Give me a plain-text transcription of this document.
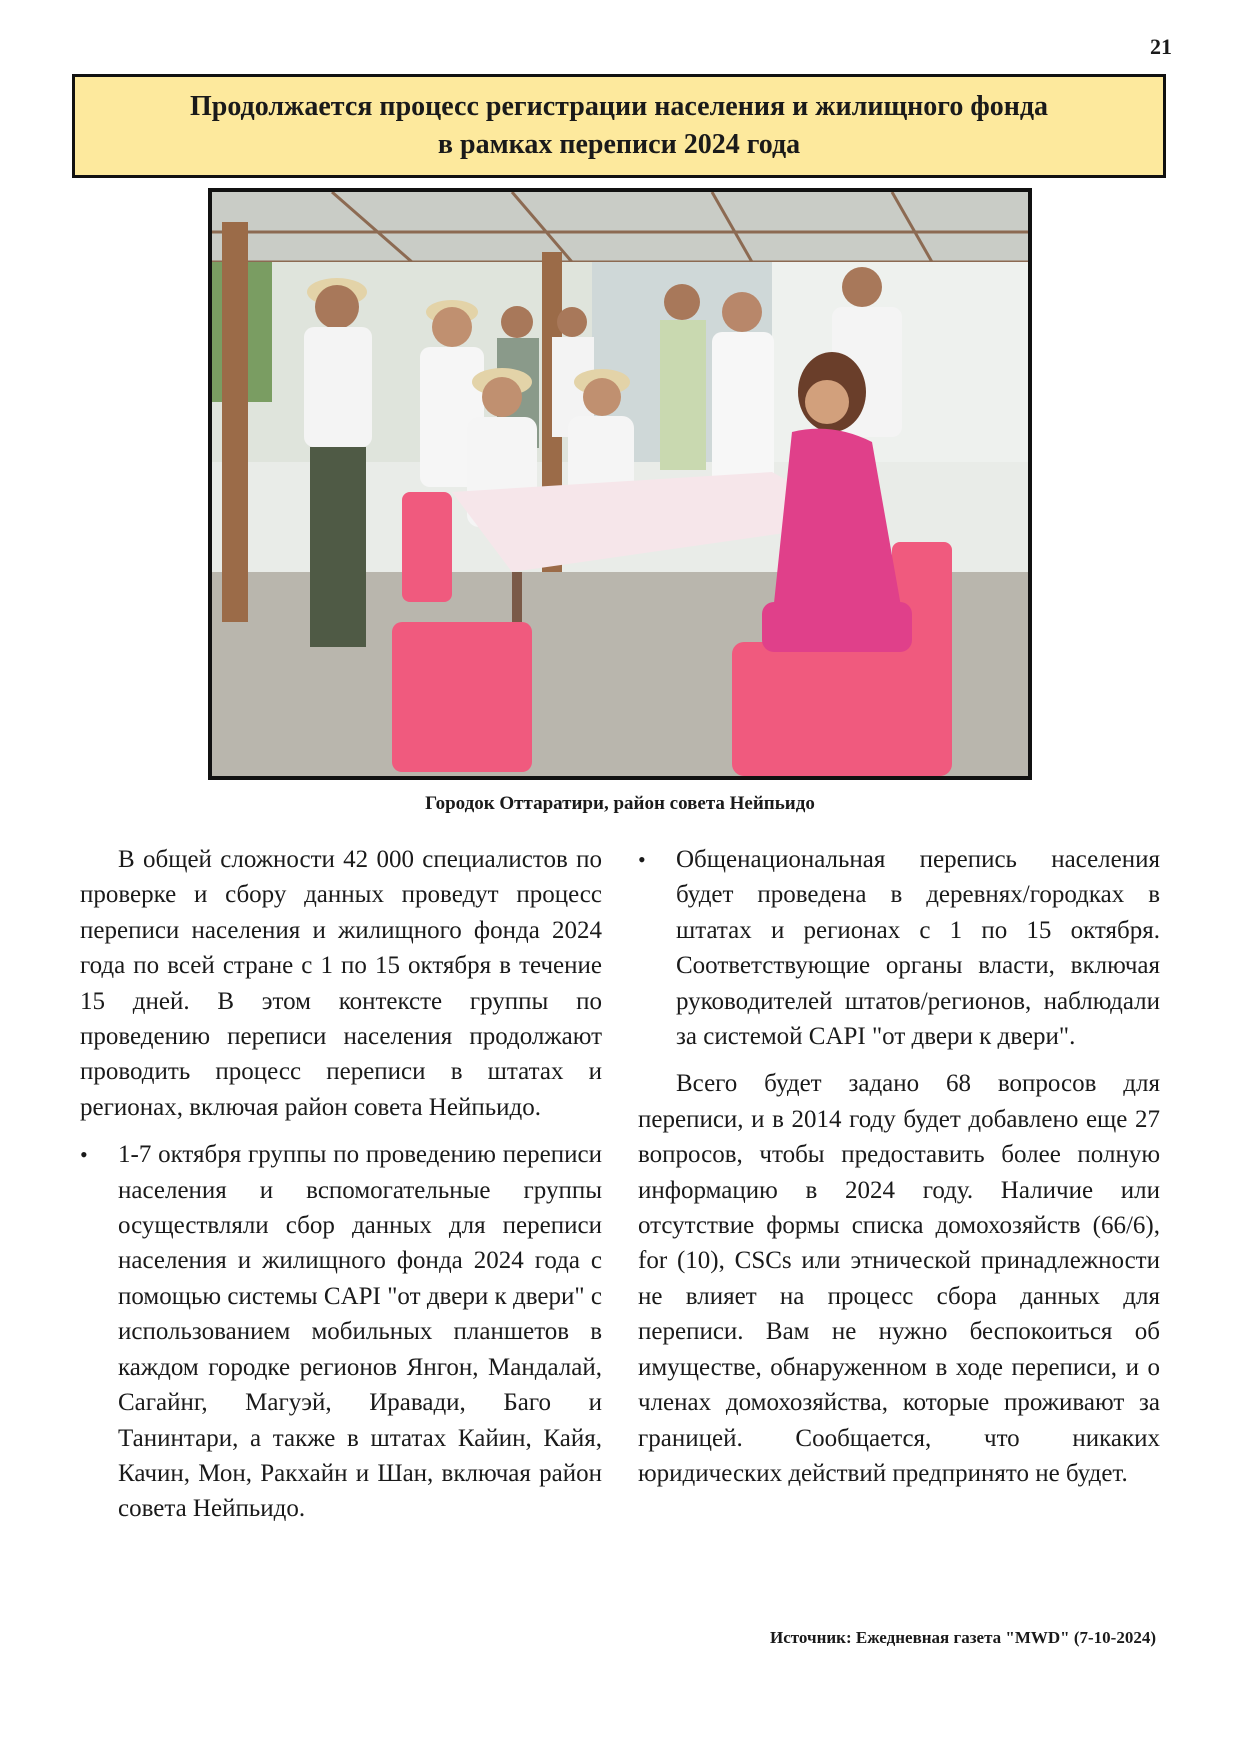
21
Продолжается процесс регистрации населения и жилищного фонда
в рамках переписи 2024 года
Городок Оттаратири, район совета Нейпьидо

В общей сложности 42 000 специалистов по проверке и сбору данных проведут процесс переписи населения и жилищного фонда 2024 года по всей стране с 1 по 15 октября в течение 15 дней. В этом контексте группы по проведению переписи населения продолжают проводить процесс переписи в штатах и регионах, включая район совета Нейпьидо.

• 1-7 октября группы по проведению переписи населения и вспомогательные группы осуществляли сбор данных для переписи населения и жилищного фонда 2024 года с помощью системы CAPI "от двери к двери" с использованием мобильных планшетов в каждом городке регионов Янгон, Мандалай, Сагайнг, Магуэй, Иравади, Баго и Танинтари, а также в штатах Кайин, Кайя, Качин, Мон, Ракхайн и Шан, включая район совета Нейпьидо.
• Общенациональная перепись населения будет проведена в деревнях/городках в штатах и регионах с 1 по 15 октября. Соответствующие органы власти, включая руководителей штатов/регионов, наблюдали за системой CAPI "от двери к двери".

Всего будет задано 68 вопросов для переписи, и в 2014 году будет добавлено еще 27 вопросов, чтобы предоставить более полную информацию в 2024 году. Наличие или отсутствие формы списка домохозяйств (66/6), for (10), CSCs или этнической принадлежности не влияет на процесс сбора данных для переписи. Вам не нужно беспокоиться об имуществе, обнаруженном в ходе переписи, и о членах домохозяйства, которые проживают за границей. Сообщается, что никаких юридических действий предпринято не будет.

Источник: Ежедневная газета "MWD" (7-10-2024)
